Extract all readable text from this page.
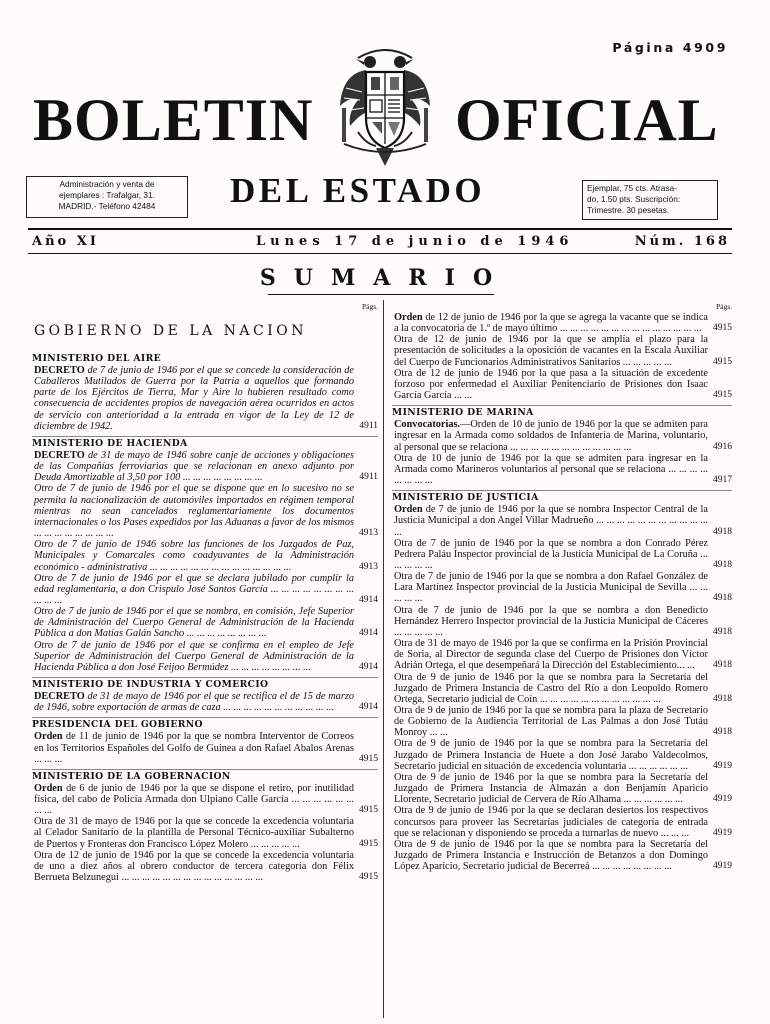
Página 4909
BOLETIN OFICIAL
Administración y venta de
ejemplares : Trafalgar, 31.
MADRID.- Teléfono 42484	DEL ESTADO	Ejemplar, 75 cts. Atrasa-
do, 1.50 pts. Suscripción:
Trimestre. 30 pesetas.
Año XI	Lunes 17 de junio de 1946	Núm. 168
SUMARIO
Págs.
GOBIERNO DE LA NACION
MINISTERIO DEL AIRE
DECRETO de 7 de junio de 1946 por el que se concede la consideración de Caballeros Mutilados de Guerra por la Patria a aquellos que formando parte de los Ejércitos de Tierra, Mar y Aire lo hubieren resultado como consecuencia de accidentes propios de navegación aérea ocurridos en actos de servicio con anterioridad a la entrada en vigor de la Ley de 12 de diciembre de 1942.	4911
MINISTERIO DE HACIENDA
DECRETO de 31 de mayo de 1946 sobre canje de acciones y obligaciones de las Compañías ferroviarias que se relacionan en anexo adjunto por Deuda Amortizable al 3,50 por 100 ... ... ... ... ... ... ... ...	4911
Otro de 7 de junio de 1946 por el que se dispone que en lo sucesivo no se permita la nacionalización de automóviles importados en régimen temporal mientras no sean cancelados reglamentariamente los documentos internacionales o los Pases expedidos por las Aduanas a favor de los mismos ... ... ... ... ... ... ... ...	4913
Otro de 7 de junio de 1946 sobre las funciones de los Juzgados de Paz, Municipales y Comarcales como coadyuvantes de la Administración económico - administrativa ... ... ... ... ... ... ... ... ... ... ... ... ... ...	4913
Otro de 7 de junio de 1946 por el que se declara jubilado por cumplir la edad reglamentaria, a don Crispulo José Santos García ... ... ... ... ... ... ... ... ... ... ...	4914
Otro de 7 de junio de 1946 por el que se nombra, en comisión, Jefe Superior de Administración del Cuerpo General de Administración de la Hacienda Pública a don Matías Galán Sancho ... ... ... ... ... ... ... ...	4914
Otro de 7 de junio de 1946 por el que se confirma en el empleo de Jefe Superior de Administración del Cuerpo General de Administración de la Hacienda Pública a don José Feijoo Bermúdez ... ... ... ... ... ... ... ...	4914
MINISTERIO DE INDUSTRIA Y COMERCIO
DECRETO de 31 de mayo de 1946 por el que se rectifica el de 15 de marzo de 1946, sobre exportación de armas de caza ... ... ... ... ... ... ... ... ... ... ...	4914
PRESIDENCIA DEL GOBIERNO
Orden de 11 de junio de 1946 por la que se nombra Interventor de Correos en los Territorios Españoles del Golfo de Guinea a don Rafael Abalos Arenas ... ... ...	4915
MINISTERIO DE LA GOBERNACION
Orden de 6 de junio de 1946 por la que se dispone el retiro, por inutilidad física, del cabo de Policía Armada don Ulpiano Calle García ... ... ... ... ... ... ... ...	4915
Otra de 31 de mayo de 1946 por la que se concede la excedencia voluntaria al Celador Sanitario de la plantilla de Personal Técnico-auxiliar Subalterno de Puertos y Fronteras don Francisco López Molero ... ... ... ... ...	4915
Otra de 12 de junio de 1946 por la que se concede la excedencia voluntaria de uno a diez años al obrero conductor de tercera categoría don Félix Berrueta Belzunegui ... ... ... ... ... ... ... ... ... ... ... ... ... ...	4915
Págs.
Orden de 12 de junio de 1946 por la que se agrega la vacante que se indica a la convocatoria de 1.º de mayo último ... ... ... ... ... ... ... ... ... ... ... ... ... ...	4915
Otra de 12 de junio de 1946 por la que se amplía el plazo para la presentación de solicitudes a la oposición de vacantes en la Escala Auxiliar del Cuerpo de Funcionarios Administrativos Sanitarios ... ... ... ... ...	4915
Otra de 12 de junio de 1946 por la que pasa a la situación de excedente forzoso por enfermedad el Auxiliar Penitenciario de Prisiones don Isaac García García ... ...	4915
MINISTERIO DE MARINA
Convocatorias.—Orden de 10 de junio de 1946 por la que se admiten para ingresar en la Armada como soldados de Infantería de Marina, voluntario, al personal que se relaciona ... ... ... ... ... ... ... ... ... ... ... ...	4916
Otra de 10 de junio de 1946 por la que se admiten para ingresar en la Armada como Marineros voluntarios al personal que se relaciona ... ... ... ... ... ... ... ...	4917
MINISTERIO DE JUSTICIA
Orden de 7 de junio de 1946 por la que se nombra Inspector Central de la Justicia Municipal a don Angel Villar Madrueño ... ... ... ... ... ... ... ... ... ... ... ...	4918
Otra de 7 de junio de 1946 por la que se nombra a don Conrado Pérez Pedrera Paláu Inspector provincial de la Justicia Municipal de La Coruña ... ... ... ... ...	4918
Otra de 7 de junio de 1946 por la que se nombra a don Rafael González de Lara Martínez Inspector provincial de la Justicia Municipal de Sevilla ... ... ... ... ...	4918
Otra de 7 de junio de 1946 por la que se nombra a don Benedicto Hernández Herrero Inspector provincial de la Justicia Municipal de Cáceres ... ... ... ... ...	4918
Otra de 31 de mayo de 1946 por la que se confirma en la Prisión Provincial de Soria, al Director de segunda clase del Cuerpo de Prisiones don Víctor Adrián Ortega, el que desempeñará la Dirección del Establecimiento... ...	4918
Otra de 9 de junio de 1946 por la que se nombra para la Secretaría del Juzgado de Primera Instancia de Castro del Río a don Leopoldo Romero Ortega, Secretario judicial de Coín ... ... ... ... ... ... ... ... ... ... ... ...	4918
Otra de 9 de junio de 1946 por la que se nombra para la plaza de Secretario de Gobierno de la Audiencia Territorial de Las Palmas a don José Tutáu Monroy ... ...	4918
Otra de 9 de junio de 1946 por la que se nombra para la Secretaría del Juzgado de Primera Instancia de Huete a don José Jarabo Valdecolmos, Secretario judicial en situación de excedencia voluntaria ... ... ... ... ... ...	4919
Otra de 9 de junio de 1946 por la que se nombra para la Secretaría del Juzgado de Primera Instancia de Almazán a don Benjamín Aparicio Llorente, Secretario judicial de Cervera de Río Alhama ... ... ... ... ... ...	4919
Otra de 9 de junio de 1946 por la que se declaran desiertos los respectivos concursos para proveer las Secretarías judiciales de categoría de entrada que se relacionan y disponiendo se proceda a turnarlas de nuevo ... ... ...	4919
Otra de 9 de junio de 1946 por la que se nombra para la Secretaría del Juzgado de Primera Instancia e Instrucción de Betanzos a don Domingo López Aparicio, Secretario judicial de Becerreá ... ... ... ... ... ... ... ...	4919
